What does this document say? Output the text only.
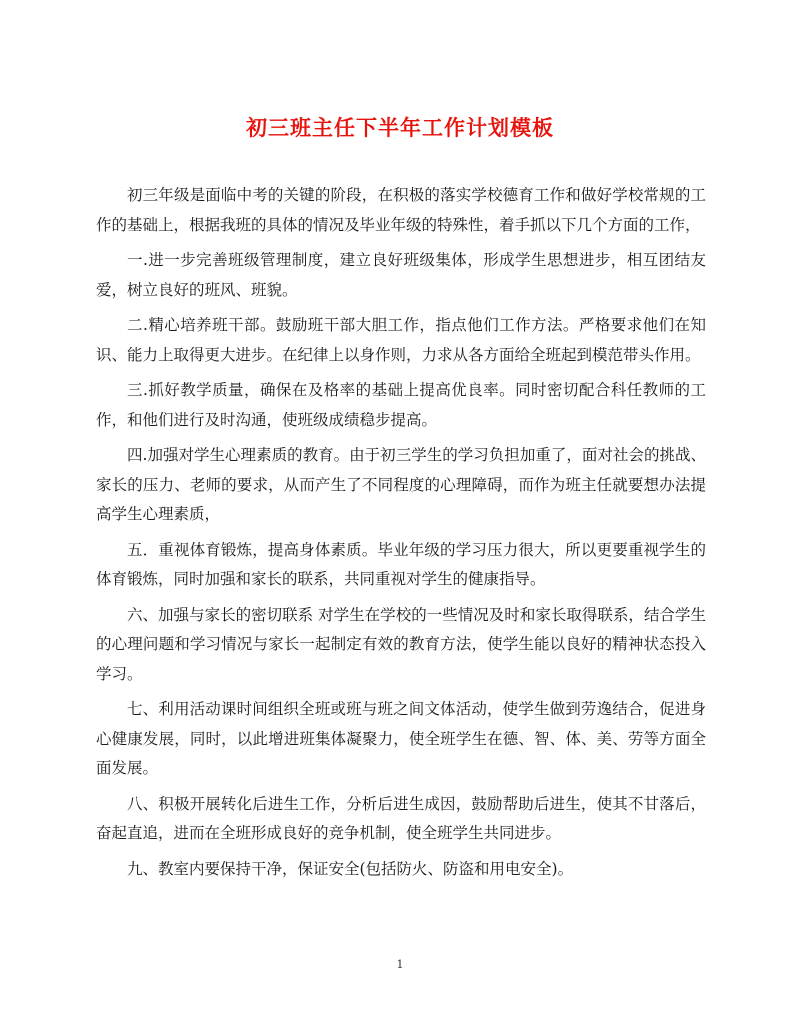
初三班主任下半年工作计划模板

初三年级是面临中考的关键的阶段，在积极的落实学校德育工作和做好学校常规的工作的基础上，根据我班的具体的情况及毕业年级的特殊性，着手抓以下几个方面的工作，

一.进一步完善班级管理制度，建立良好班级集体，形成学生思想进步，相互团结友爱，树立良好的班风、班貌。

二.精心培养班干部。鼓励班干部大胆工作，指点他们工作方法。严格要求他们在知识、能力上取得更大进步。在纪律上以身作则，力求从各方面给全班起到模范带头作用。

三.抓好教学质量，确保在及格率的基础上提高优良率。同时密切配合科任教师的工作，和他们进行及时沟通，使班级成绩稳步提高。

四.加强对学生心理素质的教育。由于初三学生的学习负担加重了，面对社会的挑战、家长的压力、老师的要求，从而产生了不同程度的心理障碍，而作为班主任就要想办法提高学生心理素质，

五．重视体育锻炼，提高身体素质。毕业年级的学习压力很大，所以更要重视学生的体育锻炼，同时加强和家长的联系，共同重视对学生的健康指导。

六、加强与家长的密切联系 对学生在学校的一些情况及时和家长取得联系，结合学生的心理问题和学习情况与家长一起制定有效的教育方法，使学生能以良好的精神状态投入学习。

七、利用活动课时间组织全班或班与班之间文体活动，使学生做到劳逸结合，促进身心健康发展，同时，以此增进班集体凝聚力，使全班学生在德、智、体、美、劳等方面全面发展。

八、积极开展转化后进生工作，分析后进生成因，鼓励帮助后进生，使其不甘落后，奋起直追，进而在全班形成良好的竞争机制，使全班学生共同进步。

九、教室内要保持干净，保证安全(包括防火、防盗和用电安全)。

1
